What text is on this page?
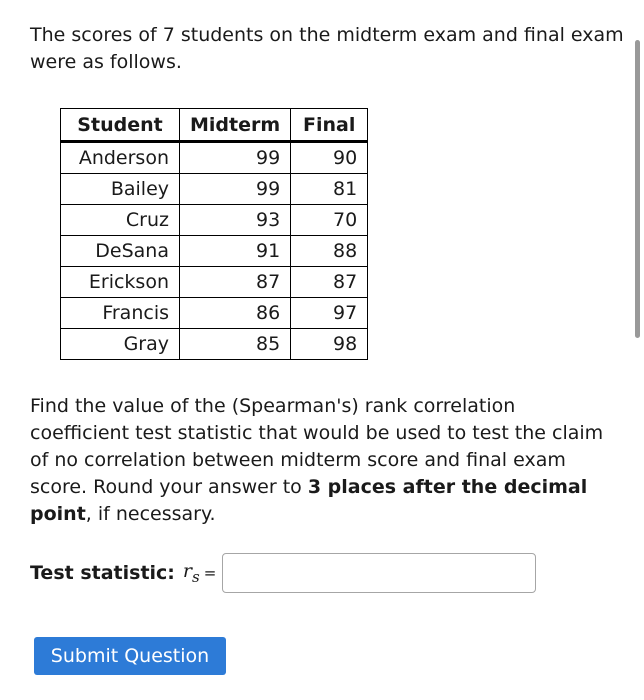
The scores of 7 students on the midterm exam and final exam were as follows.

Student	Midterm	Final
Anderson	99	90
Bailey	99	81
Cruz	93	70
DeSana	91	88
Erickson	87	87
Francis	86	97
Gray	85	98

Find the value of the (Spearman's) rank correlation coefficient test statistic that would be used to test the claim of no correlation between midterm score and final exam score. Round your answer to 3 places after the decimal point, if necessary.

Test statistic: $r_s$ =
Submit Question
